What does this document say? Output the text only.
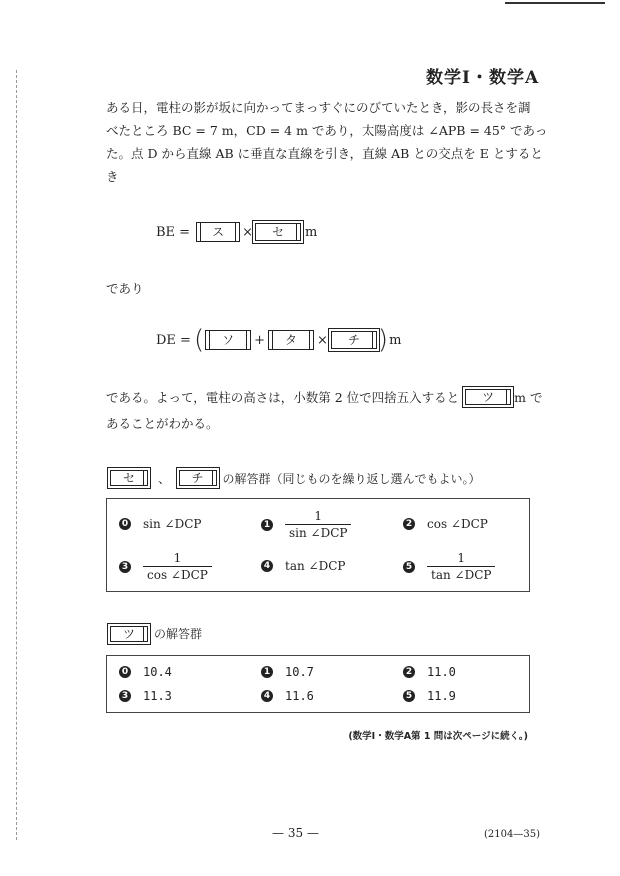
数学Ⅰ・数学A
ある日，電柱の影が坂に向かってまっすぐにのびていたとき，影の長さを調
べたところ BC = 7 m，CD = 4 m であり，太陽高度は ∠APB = 45° であっ
た。点 D から直線 AB に垂直な直線を引き，直線 AB との交点を E とすると
き
BE =	ス	×	セ	m
であり
DE = (	ソ	+	タ	×	チ ) m
である。よって，電柱の高さは，小数第 2 位で四捨五入すると	ツ	m で
あることがわかる。
セ	、	チ	の解答群（同じものを繰り返し選んでもよい。）
0 sin ∠DCP	$1 \frac{1}{\text{sin ∠DCP}}$	2 cos ∠DCP
$3 \frac{1}{\text{cos ∠DCP}}$	4 tan ∠DCP	$5 \frac{1}{\text{tan ∠DCP}}$
ツ	の解答群
0 10.4	1 10.7	2 11.0
3 11.3	4 11.6	5 11.9
(数学Ⅰ・数学A第 1 問は次ページに続く。)
— 35 —	(2104—35)
